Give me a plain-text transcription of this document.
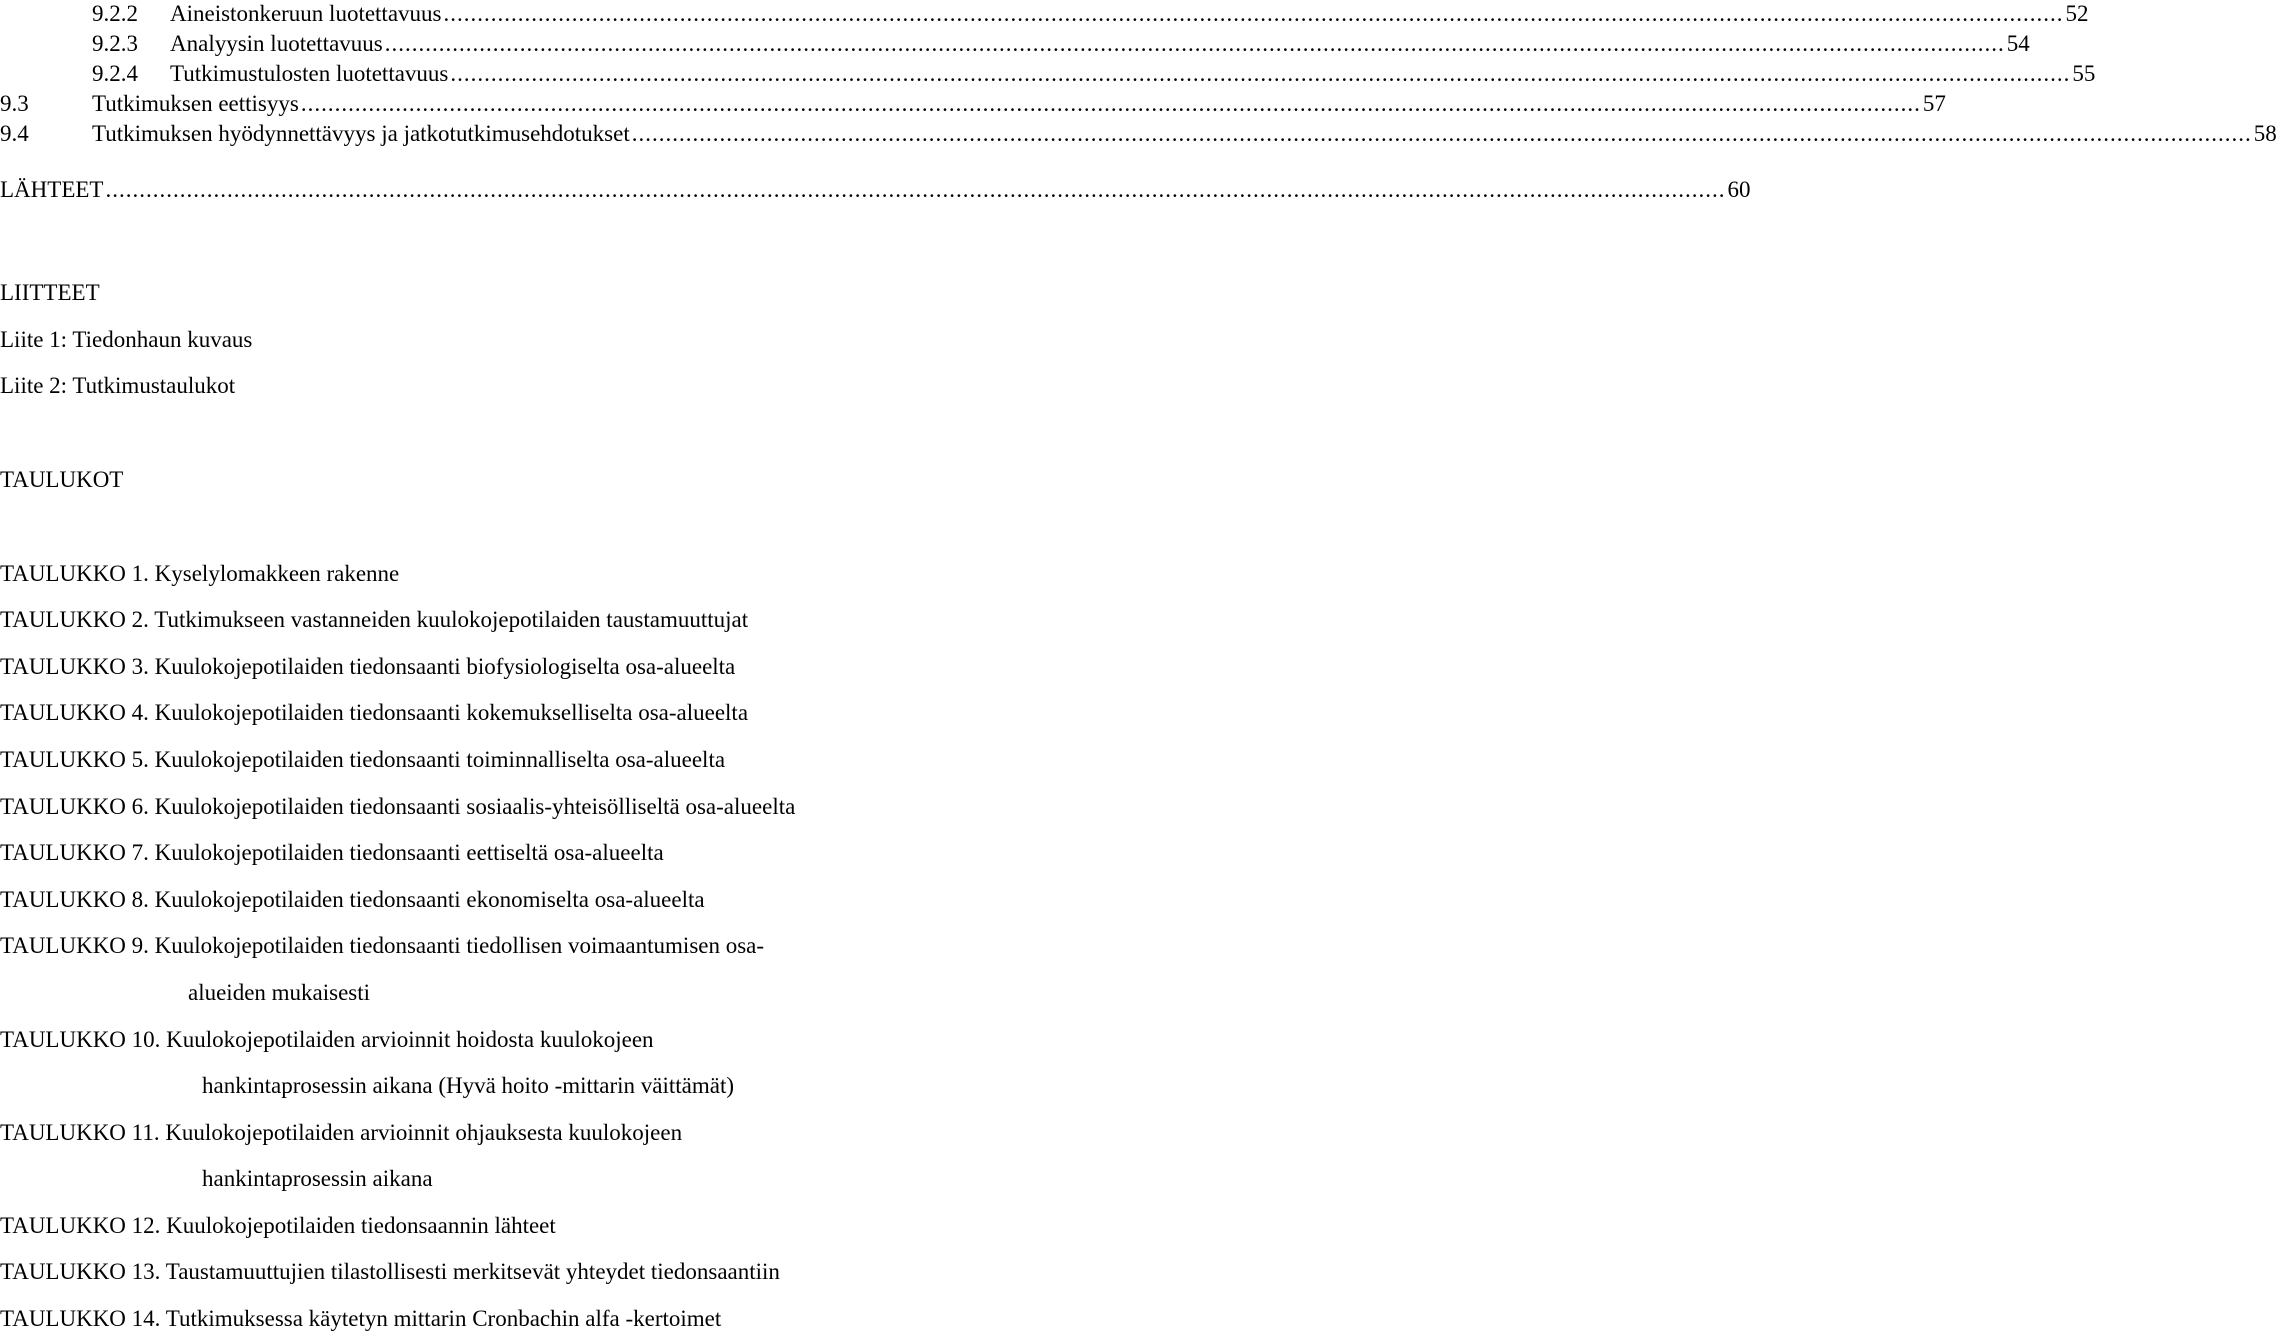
9.2.2	Aineistonkeruun luotettavuus ................................................................................................................................................................................................................................................ 52
9.2.3	Analyysin luotettavuus ................................................................................................................................................................................................................................................ 54
9.2.4	Tutkimustulosten luotettavuus ................................................................................................................................................................................................................................................ 55
9.3	Tutkimuksen eettisyys ................................................................................................................................................................................................................................................ 57
9.4	Tutkimuksen hyödynnettävyys ja jatkotutkimusehdotukset ................................................................................................................................................................................................................................................ 58
LÄHTEET ................................................................................................................................................................................................................................................ 60
LIITTEET
Liite 1: Tiedonhaun kuvaus
Liite 2: Tutkimustaulukot
TAULUKOT
TAULUKKO 1. Kyselylomakkeen rakenne
TAULUKKO 2. Tutkimukseen vastanneiden kuulokojepotilaiden taustamuuttujat
TAULUKKO 3. Kuulokojepotilaiden tiedonsaanti biofysiologiselta osa-alueelta
TAULUKKO 4. Kuulokojepotilaiden tiedonsaanti kokemukselliselta osa-alueelta
TAULUKKO 5. Kuulokojepotilaiden tiedonsaanti toiminnalliselta osa-alueelta
TAULUKKO 6. Kuulokojepotilaiden tiedonsaanti sosiaalis-yhteisölliseltä osa-alueelta
TAULUKKO 7. Kuulokojepotilaiden tiedonsaanti eettiseltä osa-alueelta
TAULUKKO 8. Kuulokojepotilaiden tiedonsaanti ekonomiselta osa-alueelta
TAULUKKO 9. Kuulokojepotilaiden tiedonsaanti tiedollisen voimaantumisen osa-
alueiden mukaisesti
TAULUKKO 10. Kuulokojepotilaiden arvioinnit hoidosta kuulokojeen
hankintaprosessin aikana (Hyvä hoito -mittarin väittämät)
TAULUKKO 11. Kuulokojepotilaiden arvioinnit ohjauksesta kuulokojeen
hankintaprosessin aikana
TAULUKKO 12. Kuulokojepotilaiden tiedonsaannin lähteet
TAULUKKO 13. Taustamuuttujien tilastollisesti merkitsevät yhteydet tiedonsaantiin
TAULUKKO 14. Tutkimuksessa käytetyn mittarin Cronbachin alfa -kertoimet
